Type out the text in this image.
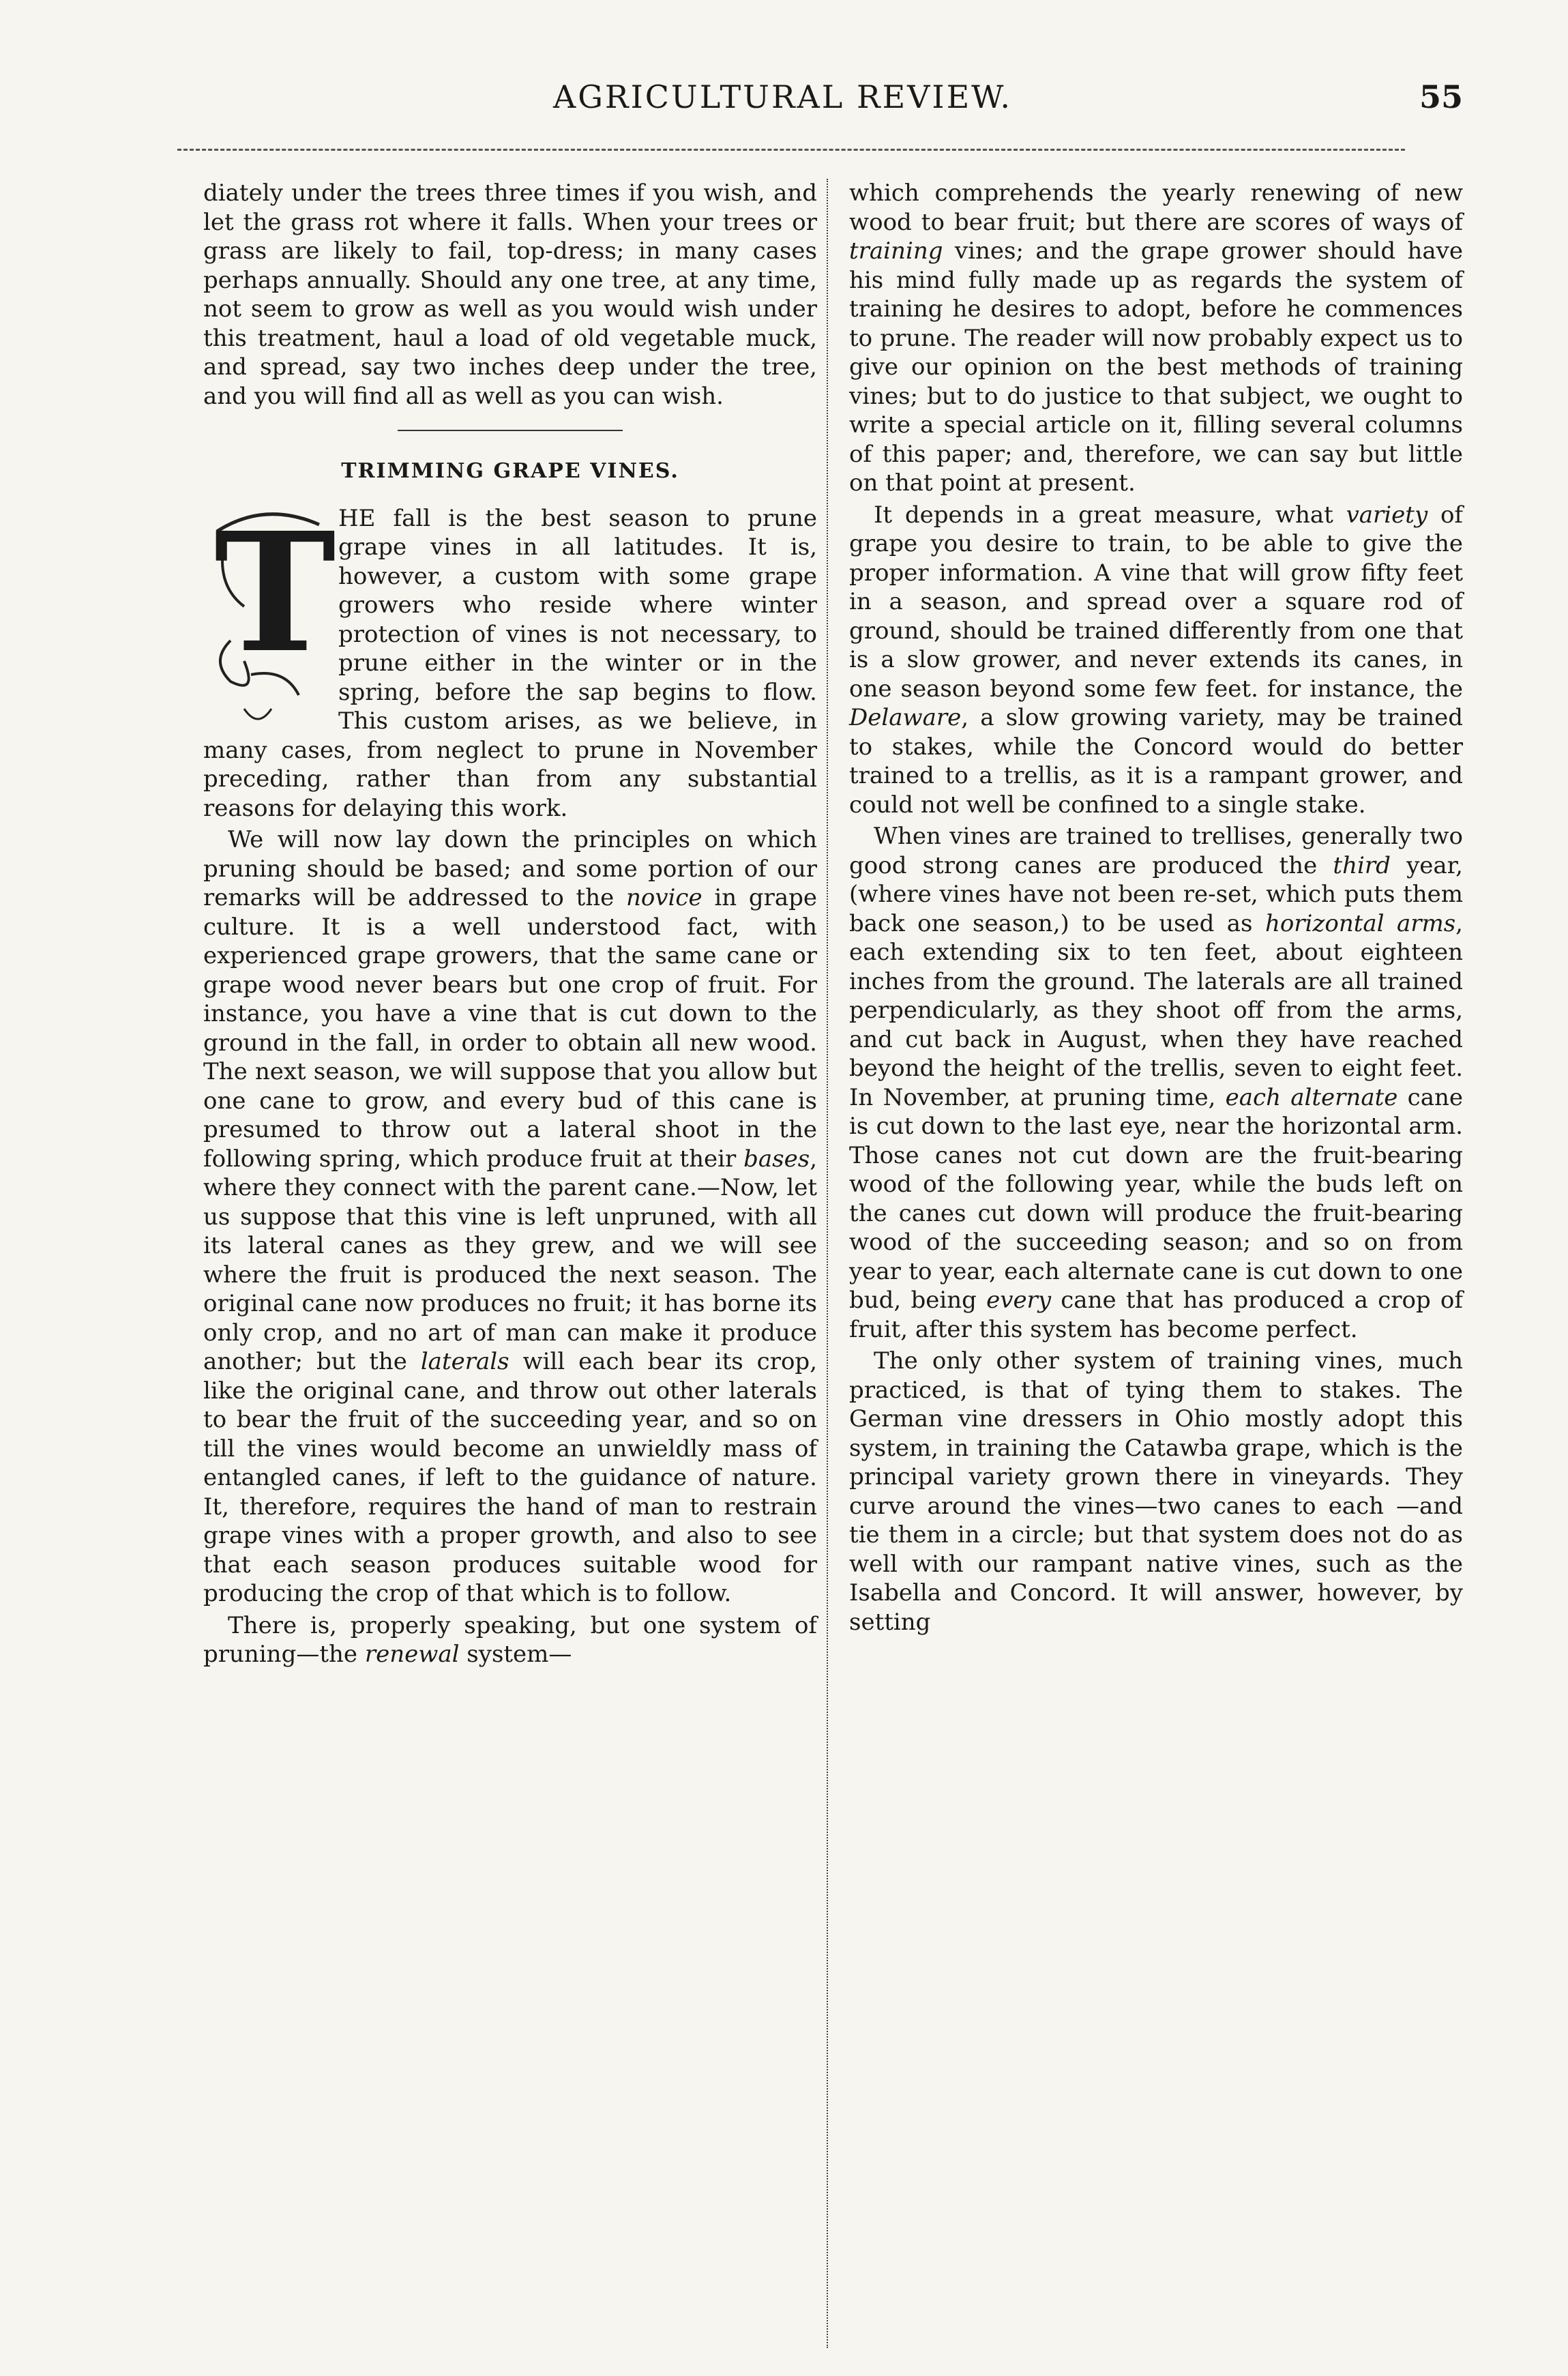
AGRICULTURAL REVIEW.	55

diately under the trees three times if you wish, and let the grass rot where it falls. When your trees or grass are likely to fail, top-dress; in many cases perhaps annually. Should any one tree, at any time, not seem to grow as well as you would wish under this treatment, haul a load of old vegetable muck, and spread, say two inches deep under the tree, and you will find all as well as you can wish.

TRIMMING GRAPE VINES.

T HE fall is the best season to prune grape vines in all latitudes. It is, however, a custom with some grape growers who reside where winter protection of vines is not necessary, to prune either in the winter or in the spring, before the sap begins to flow. This custom arises, as we believe, in many cases, from neglect to prune in November preceding, rather than from any substantial reasons for delaying this work.

We will now lay down the principles on which pruning should be based; and some portion of our remarks will be addressed to the novice in grape culture. It is a well understood fact, with experienced grape growers, that the same cane or grape wood never bears but one crop of fruit. For instance, you have a vine that is cut down to the ground in the fall, in order to obtain all new wood. The next season, we will suppose that you allow but one cane to grow, and every bud of this cane is presumed to throw out a lateral shoot in the following spring, which produce fruit at their bases, where they connect with the parent cane.—Now, let us suppose that this vine is left unpruned, with all its lateral canes as they grew, and we will see where the fruit is produced the next season. The original cane now produces no fruit; it has borne its only crop, and no art of man can make it produce another; but the laterals will each bear its crop, like the original cane, and throw out other laterals to bear the fruit of the succeeding year, and so on till the vines would become an unwieldly mass of entangled canes, if left to the guidance of nature. It, therefore, requires the hand of man to restrain grape vines with a proper growth, and also to see that each season produces suitable wood for producing the crop of that which is to follow.

There is, properly speaking, but one system of pruning—the renewal system—

which comprehends the yearly renewing of new wood to bear fruit; but there are scores of ways of training vines; and the grape grower should have his mind fully made up as regards the system of training he desires to adopt, before he commences to prune. The reader will now probably expect us to give our opinion on the best methods of training vines; but to do justice to that subject, we ought to write a special article on it, filling several columns of this paper; and, therefore, we can say but little on that point at present.

It depends in a great measure, what variety of grape you desire to train, to be able to give the proper information. A vine that will grow fifty feet in a season, and spread over a square rod of ground, should be trained differently from one that is a slow grower, and never extends its canes, in one season beyond some few feet. for instance, the Delaware, a slow growing variety, may be trained to stakes, while the Concord would do better trained to a trellis, as it is a rampant grower, and could not well be confined to a single stake.

When vines are trained to trellises, generally two good strong canes are produced the third year, (where vines have not been re-set, which puts them back one season,) to be used as horizontal arms, each extending six to ten feet, about eighteen inches from the ground. The laterals are all trained perpendicularly, as they shoot off from the arms, and cut back in August, when they have reached beyond the height of the trellis, seven to eight feet. In November, at pruning time, each alternate cane is cut down to the last eye, near the horizontal arm. Those canes not cut down are the fruit-bearing wood of the following year, while the buds left on the canes cut down will produce the fruit-bearing wood of the succeeding season; and so on from year to year, each alternate cane is cut down to one bud, being every cane that has produced a crop of fruit, after this system has become perfect.

The only other system of training vines, much practiced, is that of tying them to stakes. The German vine dressers in Ohio mostly adopt this system, in training the Catawba grape, which is the principal variety grown there in vineyards. They curve around the vines—two canes to each —and tie them in a circle; but that system does not do as well with our rampant native vines, such as the Isabella and Concord. It will answer, however, by setting
